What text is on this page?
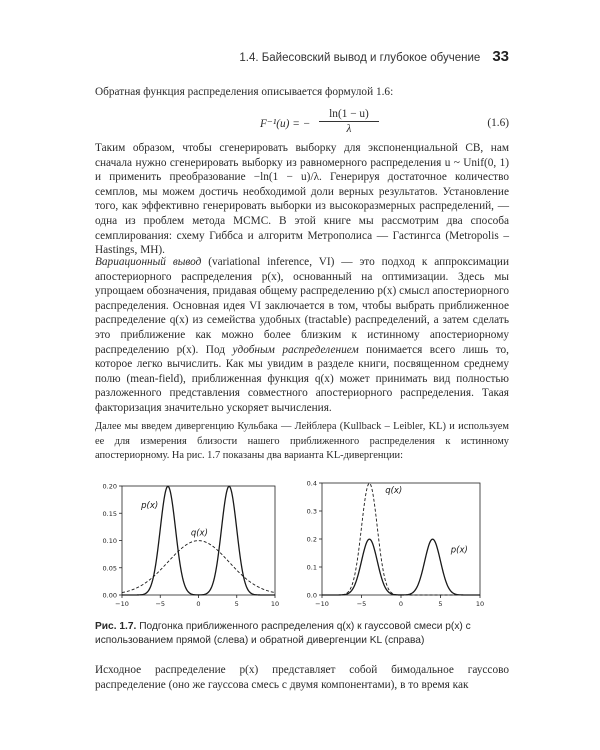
1.4. Байесовский вывод и глубокое обучение 33

Обратная функция распределения описывается формулой 1.6:

F⁻¹(u) = − $\frac{\ln(1 - u)}{\lambda}$	(1.6)

Таким образом, чтобы сгенерировать выборку для экспоненциальной СВ, нам сначала нужно сгенерировать выборку из равномерного распределения u ~ Unif(0, 1) и применить преобразование −ln(1 − u)/λ. Генерируя достаточное количество семплов, мы можем достичь необходимой доли верных результатов. Установление того, как эффективно генерировать выборки из высокоразмерных распределений, — одна из проблем метода MCMC. В этой книге мы рассмотрим два способа семплирования: схему Гиббса и алгоритм Метрополиса — Гастингса (Metropolis – Hastings, MH).

Вариационный вывод (variational inference, VI) — это подход к аппроксимации апостериорного распределения p(x), основанный на оптимизации. Здесь мы упрощаем обозначения, придавая общему распределению p(x) смысл апостериорного распределения. Основная идея VI заключается в том, чтобы выбрать приближенное распределение q(x) из семейства удобных (tractable) распределений, а затем сделать это приближение как можно более близким к истинному апостериорному распределению p(x). Под удобным распределением понимается всего лишь то, которое легко вычислить. Как мы увидим в разделе книги, посвященном среднему полю (mean-field), приближенная функция q(x) может принимать вид полностью разложенного представления совместного апостериорного распределения. Такая факторизация значительно ускоряет вычисления.

Далее мы введем дивергенцию Кульбака — Лейблера (Kullback – Leibler, KL) и используем ее для измерения близости нашего приближенного распределения к истинному апостериорному. На рис. 1.7 показаны два варианта KL-дивергенции:

0.00
0.05
0.10
0.15
0.20
−10	−5	0	5	10
p(x)
q(x)
0.0
0.1
0.2
0.3
0.4
−10	−5	0	5	10
p(x)
q(x)
Рис. 1.7. Подгонка приближенного распределения q(x) к гауссовой смеси p(x) с использованием прямой (слева) и обратной дивергенции KL (справа)

Исходное распределение p(x) представляет собой бимодальное гауссово распределение (оно же гауссова смесь с двумя компонентами), в то время как
